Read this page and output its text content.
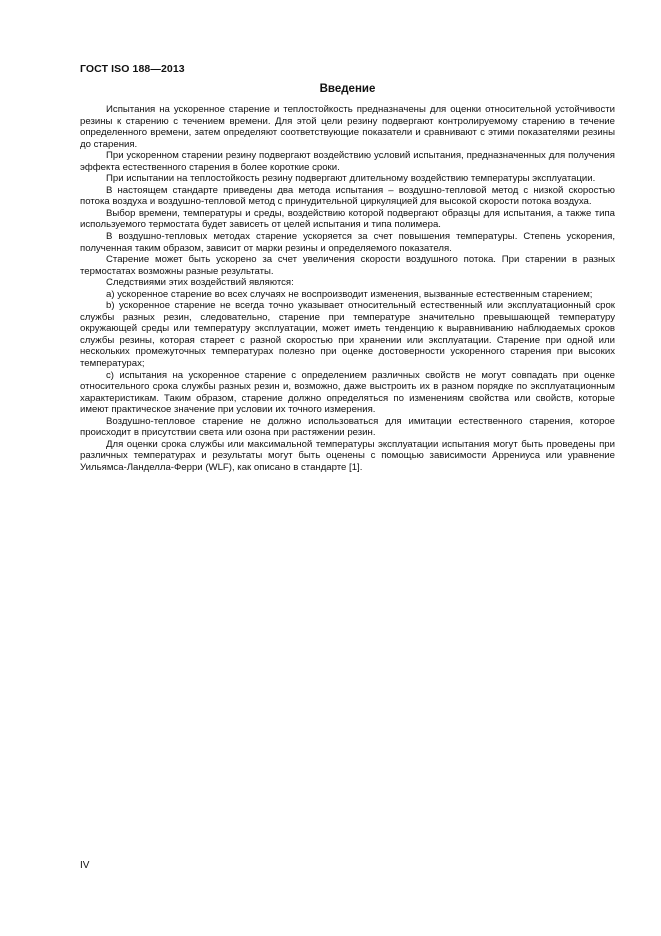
ГОСТ ISO 188—2013
Введение

Испытания на ускоренное старение и теплостойкость предназначены для оценки относительной устойчивости резины к старению с течением времени. Для этой цели резину подвергают контролируемому старению в течение определенного времени, затем определяют соответствующие показатели и сравнивают с этими показателями резины до старения.

При ускоренном старении резину подвергают воздействию условий испытания, предназначенных для получения эффекта естественного старения в более короткие сроки.

При испытании на теплостойкость резину подвергают длительному воздействию температуры эксплуатации.

В настоящем стандарте приведены два метода испытания – воздушно-тепловой метод с низкой скоростью потока воздуха и воздушно-тепловой метод с принудительной циркуляцией для высокой скорости потока воздуха.

Выбор времени, температуры и среды, воздействию которой подвергают образцы для испытания, а также типа используемого термостата будет зависеть от целей испытания и типа полимера.

В воздушно-тепловых методах старение ускоряется за счет повышения температуры. Степень ускорения, полученная таким образом, зависит от марки резины и определяемого показателя.

Старение может быть ускорено за счет увеличения скорости воздушного потока. При старении в разных термостатах возможны разные результаты.

Следствиями этих воздействий являются:

a) ускоренное старение во всех случаях не воспроизводит изменения, вызванные естественным старением;

b) ускоренное старение не всегда точно указывает относительный естественный или эксплуатационный срок службы разных резин, следовательно, старение при температуре значительно превышающей температуру окружающей среды или температуру эксплуатации, может иметь тенденцию к выравниванию наблюдаемых сроков службы резины, которая стареет с разной скоростью при хранении или эксплуатации. Старение при одной или нескольких промежуточных температурах полезно при оценке достоверности ускоренного старения при высоких температурах;

c) испытания на ускоренное старение с определением различных свойств не могут совпадать при оценке относительного срока службы разных резин и, возможно, даже выстроить их в разном порядке по эксплуатационным характеристикам. Таким образом, старение должно определяться по изменениям свойства или свойств, которые имеют практическое значение при условии их точного измерения.

Воздушно-тепловое старение не должно использоваться для имитации естественного старения, которое происходит в присутствии света или озона при растяжении резин.

Для оценки срока службы или максимальной температуры эксплуатации испытания могут быть проведены при различных температурах и результаты могут быть оценены с помощью зависимости Аррениуса или уравнение Уильямса-Ланделла-Ферри (WLF), как описано в стандарте [1].

IV
